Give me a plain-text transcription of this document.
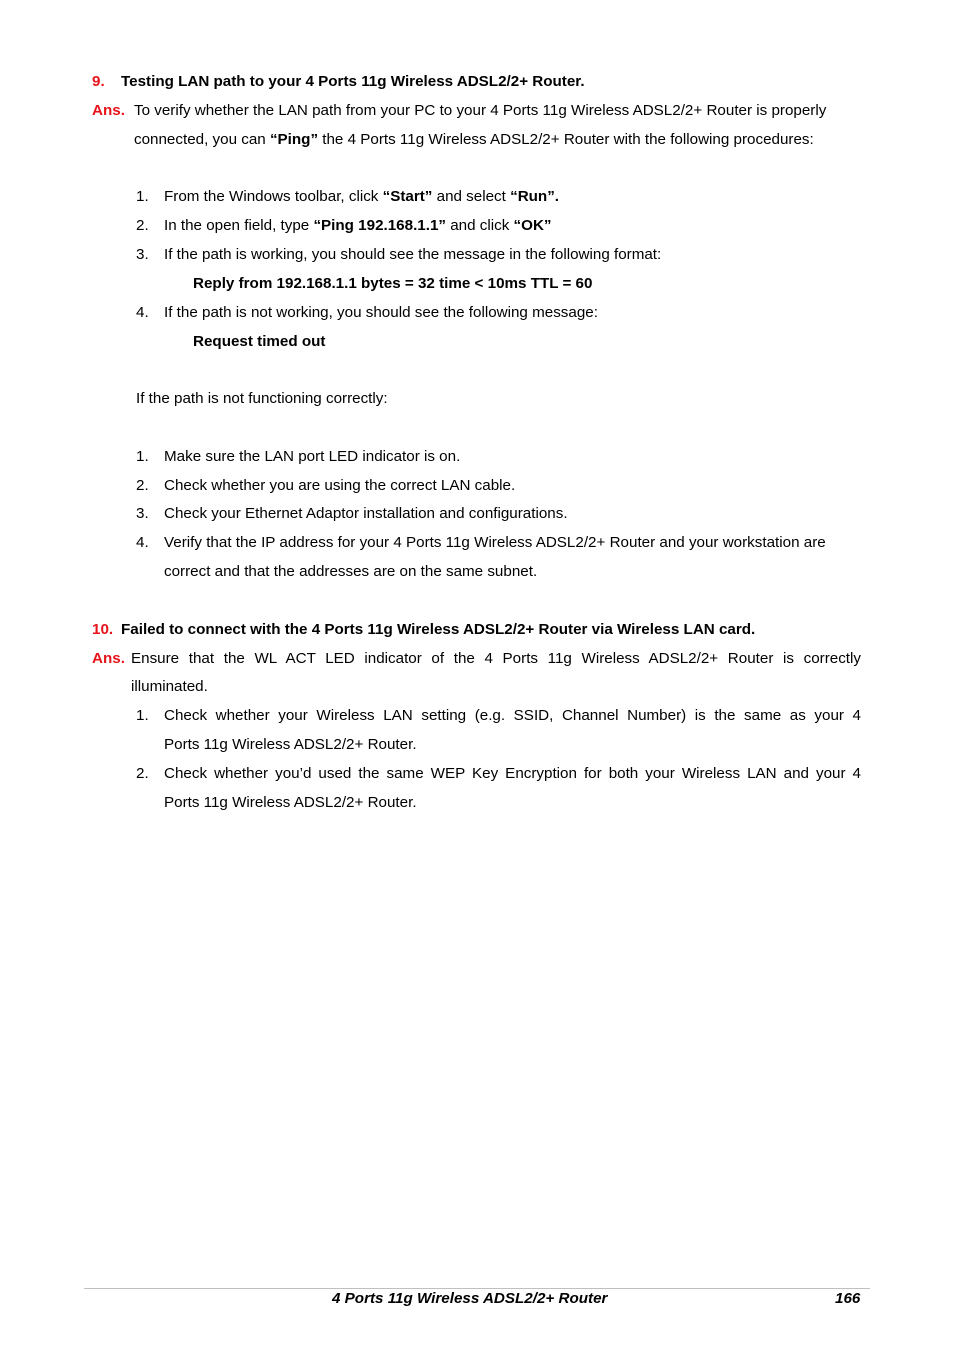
9. Testing LAN path to your 4 Ports 11g Wireless ADSL2/2+ Router.
Ans. To verify whether the LAN path from your PC to your 4 Ports 11g Wireless ADSL2/2+ Router is properly
connected, you can “Ping” the 4 Ports 11g Wireless ADSL2/2+ Router with the following procedures:
1. From the Windows toolbar, click “Start” and select “Run”.
2. In the open field, type “Ping 192.168.1.1” and click “OK”
3. If the path is working, you should see the message in the following format:
Reply from 192.168.1.1 bytes = 32 time < 10ms TTL = 60
4. If the path is not working, you should see the following message:
Request timed out
If the path is not functioning correctly:
1. Make sure the LAN port LED indicator is on.
2. Check whether you are using the correct LAN cable.
3. Check your Ethernet Adaptor installation and configurations.
4. Verify that the IP address for your 4 Ports 11g Wireless ADSL2/2+ Router and your workstation are
correct and that the addresses are on the same subnet.
10. Failed to connect with the 4 Ports 11g Wireless ADSL2/2+ Router via Wireless LAN card.
Ans. Ensure that the WL ACT LED indicator of the 4 Ports 11g Wireless ADSL2/2+ Router is correctly
illuminated.
1. Check whether your Wireless LAN setting (e.g. SSID, Channel Number) is the same as your 4
Ports 11g Wireless ADSL2/2+ Router.
2. Check whether you’d used the same WEP Key Encryption for both your Wireless LAN and your 4
Ports 11g Wireless ADSL2/2+ Router.
4 Ports 11g Wireless ADSL2/2+ Router	166
